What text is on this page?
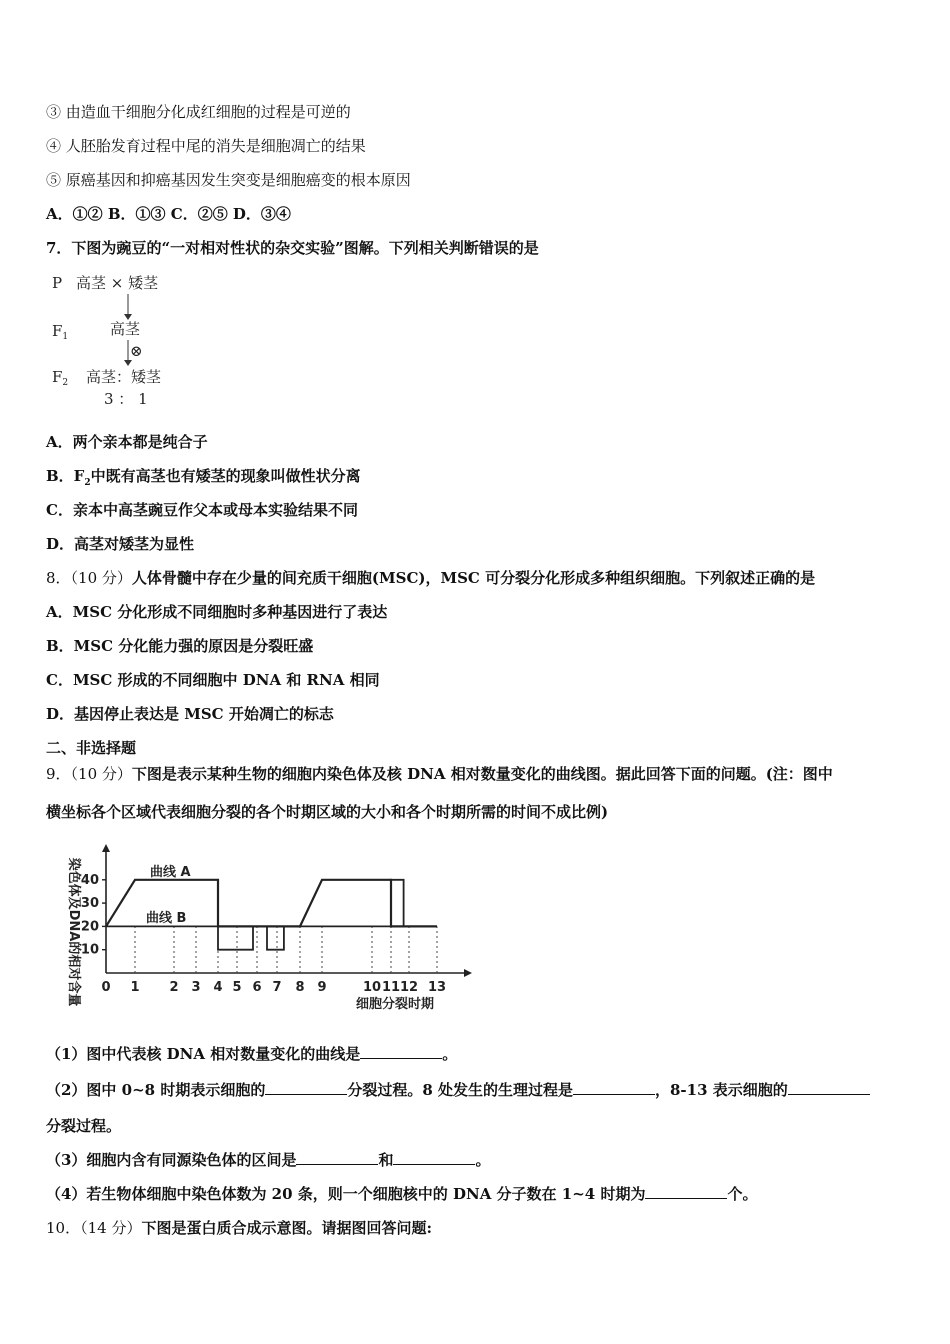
③ 由造血干细胞分化成红细胞的过程是可逆的
④ 人胚胎发育过程中尾的消失是细胞凋亡的结果
⑤ 原癌基因和抑癌基因发生突变是细胞癌变的根本原因
A．①② B．①③ C．②⑤ D．③④
7．下图为豌豆的“一对相对性状的杂交实验”图解。下列相关判断错误的是
P 高茎 × 矮茎
$F_1$	高茎
⊗
$F_2$ 高茎：矮茎
3 ： 1
A．两个亲本都是纯合子
B．$F_2$中既有高茎也有矮茎的现象叫做性状分离
C．亲本中高茎豌豆作父本或母本实验结果不同
D．高茎对矮茎为显性
8．（10 分）人体骨髓中存在少量的间充质干细胞(MSC)，MSC 可分裂分化形成多种组织细胞。下列叙述正确的是
A．MSC 分化形成不同细胞时多种基因进行了表达
B．MSC 分化能力强的原因是分裂旺盛
C．MSC 形成的不同细胞中 DNA 和 RNA 相同
D．基因停止表达是 MSC 开始凋亡的标志
二、非选择题
9．（10 分）下图是表示某种生物的细胞内染色体及核 DNA 相对数量变化的曲线图。据此回答下面的问题。(注：图中
横坐标各个区域代表细胞分裂的各个时期区域的大小和各个时期所需的时间不成比例)
染色体及DNA的相对含量	细胞分裂时期
曲线 A
曲线 B
0 1 2 3 4 5 6 7 8 9	10 11 12 13
10
20
30
40
（1）图中代表核 DNA 相对数量变化的曲线是	。
（2）图中 0~8 时期表示细胞的	分裂过程。8 处发生的生理过程是	，8-13 表示细胞的
分裂过程。
（3）细胞内含有同源染色体的区间是	和	。
（4）若生物体细胞中染色体数为 20 条，则一个细胞核中的 DNA 分子数在 1~4 时期为	个。
10．（14 分）下图是蛋白质合成示意图。请据图回答问题:
